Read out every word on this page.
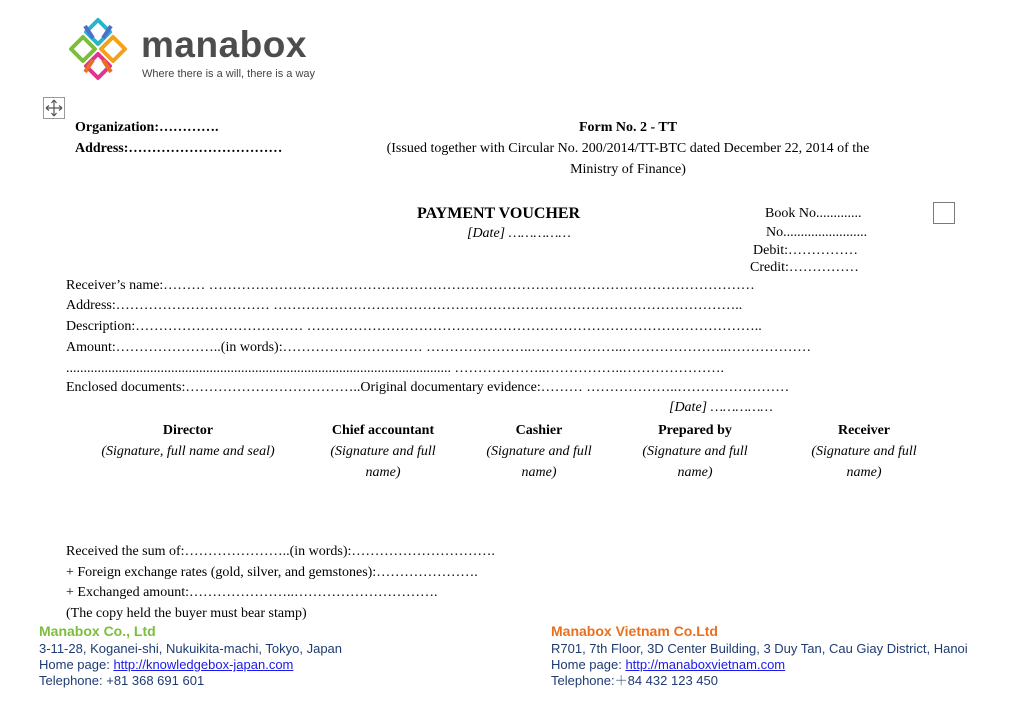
manabox
Where there is a will, there is a way
Organization:………….
Address:……………………………
Form No. 2 - TT
(Issued together with Circular No. 200/2014/TT-BTC dated December 22, 2014 of the
Ministry of Finance)
PAYMENT VOUCHER
[Date] ……………
Book No.............
No........................
Debit:……………
Credit:……………
Receiver’s name:……… ………………………………………………………………………………………………………
Address:…………………………… ………………………………………………………………………………………..
Description:……………………………… ……………………………………………………………………………………..
Amount:…………………..(in words):………………………… …………………..………………..…………………..………………
.............................................................................................................. ………………..……………..………………….
Enclosed documents:………………………………..Original documentary evidence:……… ………………..……………………
[Date] ……………
Director
(Signature, full name and seal)
Chief accountant
(Signature and full name)
Cashier
(Signature and full name)
Prepared by
(Signature and full name)
Receiver
(Signature and full name)
Received the sum of:…………………..(in words):………………………….
+ Foreign exchange rates (gold, silver, and gemstones):………………….
+ Exchanged amount:…………………..………………………….
(The copy held the buyer must bear stamp)
Manabox Co., Ltd
3-11-28, Koganei-shi, Nukuikita-machi, Tokyo, Japan
Home page: http://knowledgebox-japan.com
Telephone: +81 368 691 601
Manabox Vietnam Co.Ltd
R701, 7th Floor, 3D Center Building, 3 Duy Tan, Cau Giay District, Hanoi
Home page: http://manaboxvietnam.com
Telephone:＋84 432 123 450
